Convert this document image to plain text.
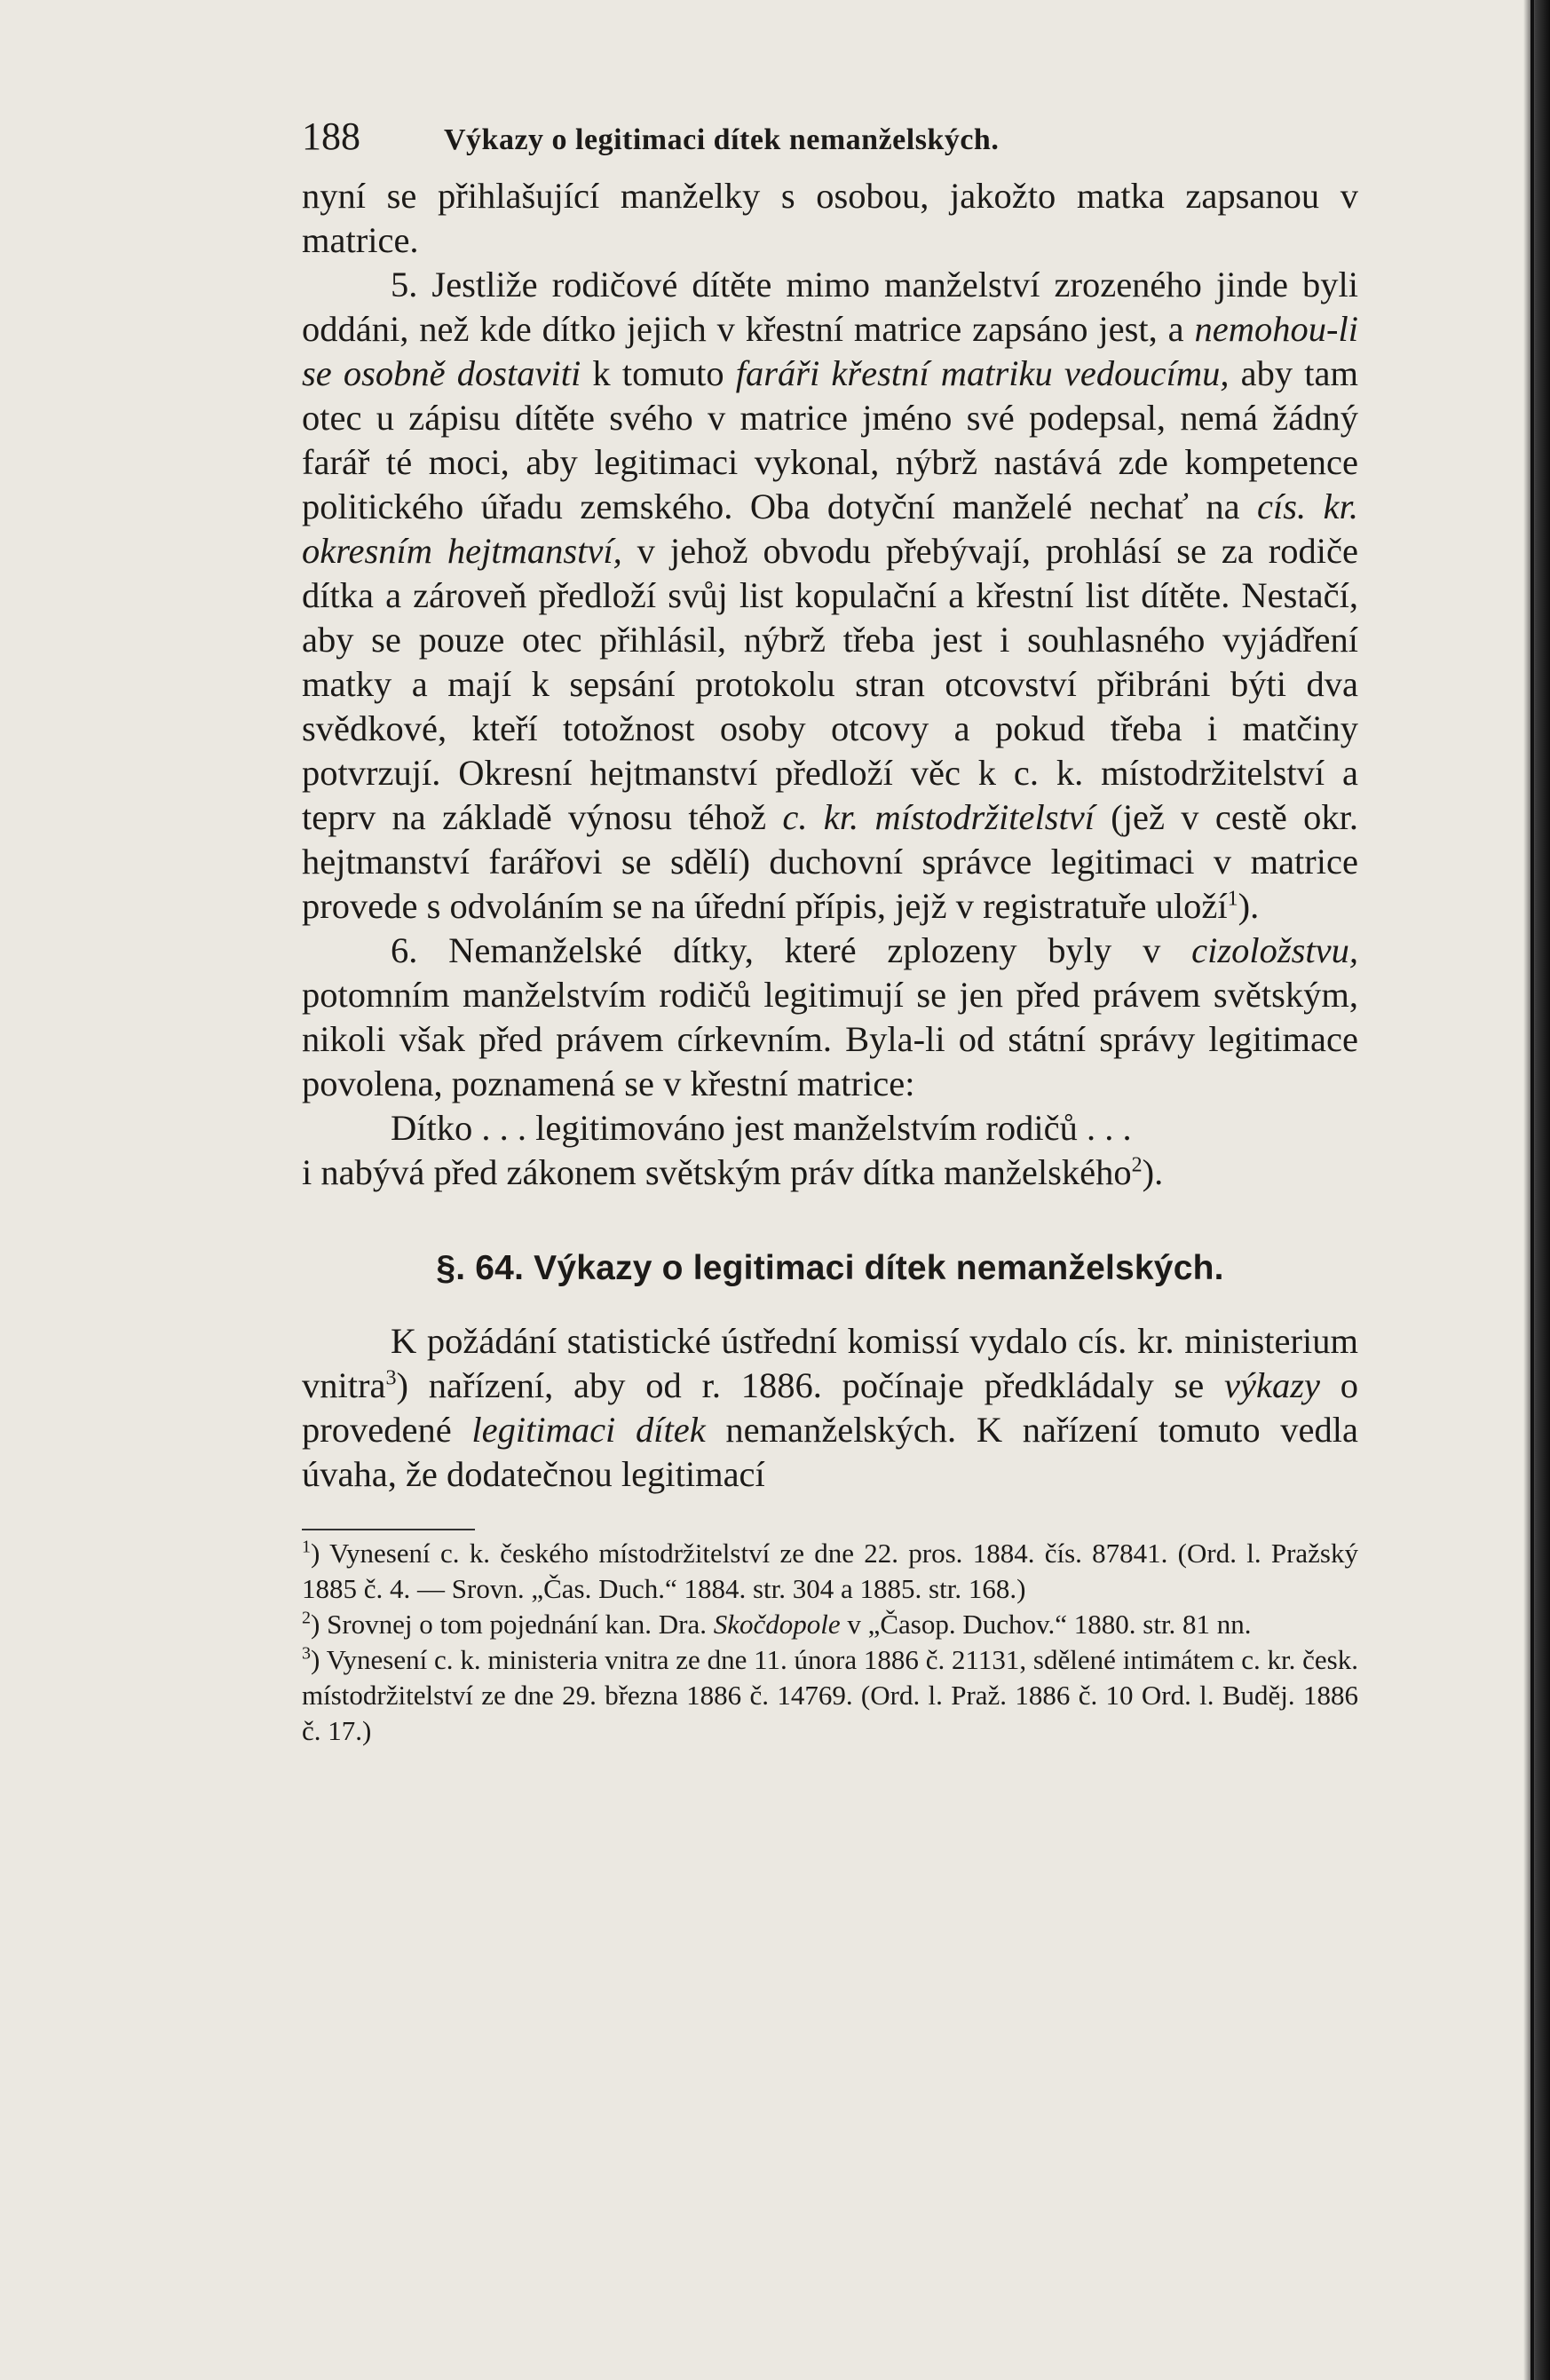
188	Výkazy o legitimaci dítek nemanželských.

nyní se přihlašující manželky s osobou, jakožto matka zapsanou v matrice.

5. Jestliže rodičové dítěte mimo manželství zrozeného jinde byli oddáni, než kde dítko jejich v křestní matrice zapsáno jest, a nemohou-li se osobně dostaviti k tomuto faráři křestní matriku vedoucímu, aby tam otec u zápisu dítěte svého v matrice jméno své podepsal, nemá žádný farář té moci, aby legitimaci vykonal, nýbrž nastává zde kompetence politického úřadu zemského. Oba dotyční manželé nechať na cís. kr. okresním hejtmanství, v jehož obvodu přebývají, prohlásí se za rodiče dítka a zároveň předloží svůj list kopulační a křestní list dítěte. Nestačí, aby se pouze otec přihlásil, nýbrž třeba jest i souhlasného vyjádření matky a mají k sepsání protokolu stran otcovství přibráni býti dva svědkové, kteří totožnost osoby otcovy a pokud třeba i matčiny potvrzují. Okresní hejtmanství předloží věc k c. k. místodržitelství a teprv na základě výnosu téhož c. kr. místodržitelství (jež v cestě okr. hejtmanství farářovi se sdělí) duchovní správce legitimaci v matrice provede s odvoláním se na úřední přípis, jejž v registratuře uloží$^1$).

6. Nemanželské dítky, které zplozeny byly v cizoložstvu, potomním manželstvím rodičů legitimují se jen před právem světským, nikoli však před právem církevním. Byla-li od státní správy legitimace povolena, poznamená se v křestní matrice:

Dítko . . . legitimováno jest manželstvím rodičů . . .

i nabývá před zákonem světským práv dítka manželského$^2$).

§. 64. Výkazy o legitimaci dítek nemanželských.

K požádání statistické ústřední komissí vydalo cís. kr. ministerium vnitra$^3$) nařízení, aby od r. 1886. počínaje předkládaly se výkazy o provedené legitimaci dítek nemanželských. K nařízení tomuto vedla úvaha, že dodatečnou legitimací

$^1$) Vynesení c. k. českého místodržitelství ze dne 22. pros. 1884. čís. 87841. (Ord. l. Pražský 1885 č. 4. — Srovn. „Čas. Duch.“ 1884. str. 304 a 1885. str. 168.)

$^2$) Srovnej o tom pojednání kan. Dra. Skočdopole v „Časop. Duchov.“ 1880. str. 81 nn.

$^3$) Vynesení c. k. ministeria vnitra ze dne 11. února 1886 č. 21131, sdělené intimátem c. kr. česk. místodržitelství ze dne 29. března 1886 č. 14769. (Ord. l. Praž. 1886 č. 10 Ord. l. Buděj. 1886 č. 17.)
